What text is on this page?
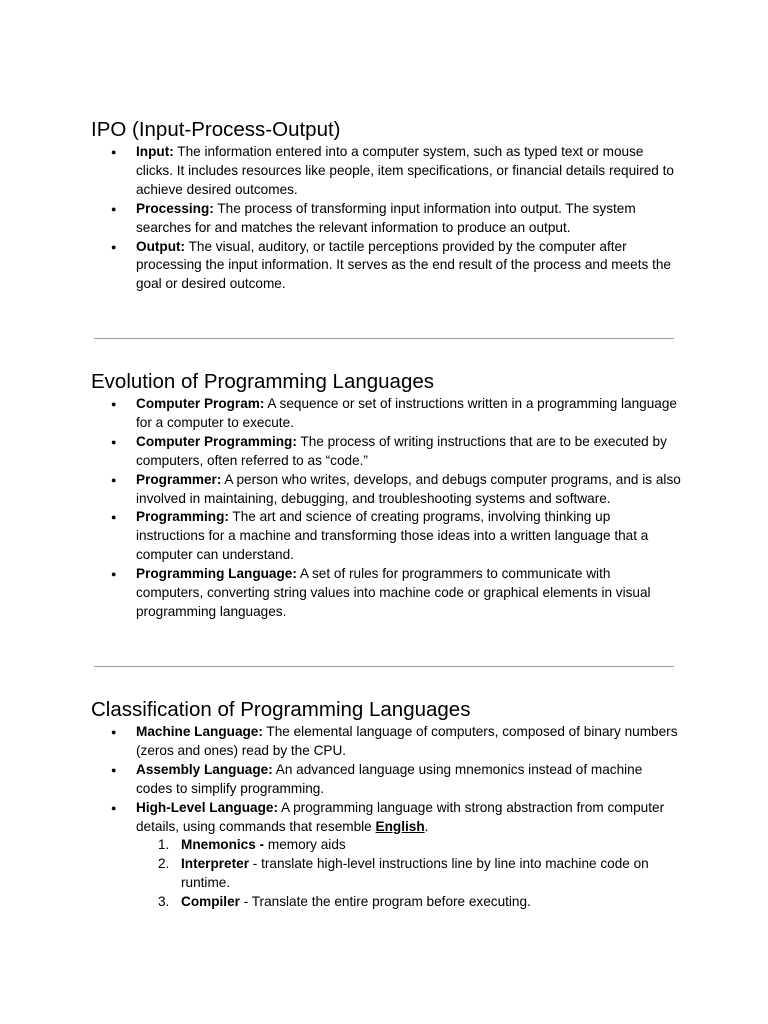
IPO (Input-Process-Output)
● Input: The information entered into a computer system, such as typed text or mouse clicks. It includes resources like people, item specifications, or financial details required to achieve desired outcomes.
● Processing: The process of transforming input information into output. The system searches for and matches the relevant information to produce an output.
● Output: The visual, auditory, or tactile perceptions provided by the computer after processing the input information. It serves as the end result of the process and meets the goal or desired outcome.
Evolution of Programming Languages
● Computer Program: A sequence or set of instructions written in a programming language for a computer to execute.
● Computer Programming: The process of writing instructions that are to be executed by computers, often referred to as “code.”
● Programmer: A person who writes, develops, and debugs computer programs, and is also involved in maintaining, debugging, and troubleshooting systems and software.
● Programming: The art and science of creating programs, involving thinking up instructions for a machine and transforming those ideas into a written language that a computer can understand.
● Programming Language: A set of rules for programmers to communicate with computers, converting string values into machine code or graphical elements in visual programming languages.
Classification of Programming Languages
● Machine Language: The elemental language of computers, composed of binary numbers (zeros and ones) read by the CPU.
● Assembly Language: An advanced language using mnemonics instead of machine codes to simplify programming.
● High-Level Language: A programming language with strong abstraction from computer details, using commands that resemble English.
1. Mnemonics - memory aids
2. Interpreter - translate high-level instructions line by line into machine code on runtime.
3. Compiler - Translate the entire program before executing.
